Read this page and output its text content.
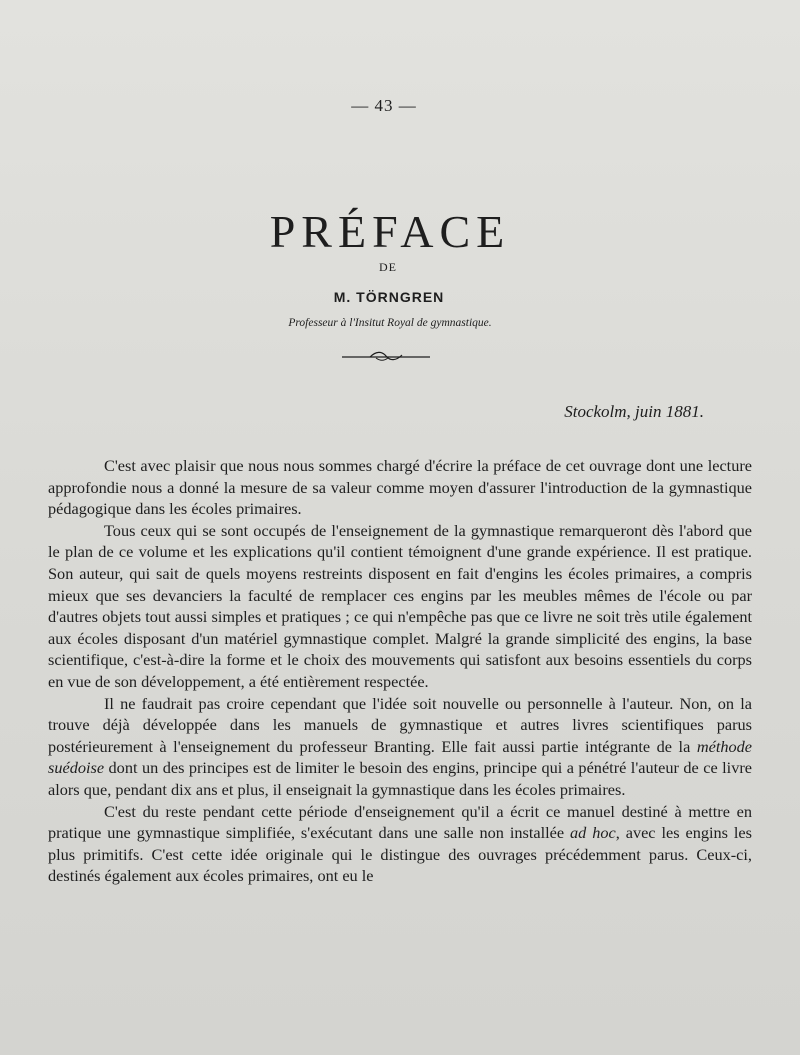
— 43 —
PRÉFACE
DE
M. TÖRNGREN
Professeur à l'Insitut Royal de gymnastique.
Stockolm, juin 1881.

C'est avec plaisir que nous nous sommes chargé d'écrire la préface de cet ouvrage dont une lecture approfondie nous a donné la mesure de sa valeur comme moyen d'assurer l'introduction de la gymnastique pédagogique dans les écoles primaires.

Tous ceux qui se sont occupés de l'enseignement de la gymnastique remarqueront dès l'abord que le plan de ce volume et les explications qu'il contient témoignent d'une grande expérience. Il est pratique. Son auteur, qui sait de quels moyens restreints disposent en fait d'engins les écoles primaires, a compris mieux que ses devanciers la faculté de remplacer ces engins par les meubles mêmes de l'école ou par d'autres objets tout aussi simples et pratiques ; ce qui n'empêche pas que ce livre ne soit très utile également aux écoles disposant d'un matériel gymnastique complet. Malgré la grande simplicité des engins, la base scientifique, c'est-à-dire la forme et le choix des mouvements qui satisfont aux besoins essentiels du corps en vue de son développement, a été entièrement respectée.

Il ne faudrait pas croire cependant que l'idée soit nouvelle ou personnelle à l'auteur. Non, on la trouve déjà développée dans les manuels de gymnastique et autres livres scientifiques parus postérieurement à l'enseignement du professeur Branting. Elle fait aussi partie intégrante de la méthode suédoise dont un des principes est de limiter le besoin des engins, principe qui a pénétré l'auteur de ce livre alors que, pendant dix ans et plus, il enseignait la gymnastique dans les écoles primaires.

C'est du reste pendant cette période d'enseignement qu'il a écrit ce manuel destiné à mettre en pratique une gymnastique simplifiée, s'exécutant dans une salle non installée ad hoc, avec les engins les plus primitifs. C'est cette idée originale qui le distingue des ouvrages précédemment parus. Ceux-ci, destinés également aux écoles primaires, ont eu le
